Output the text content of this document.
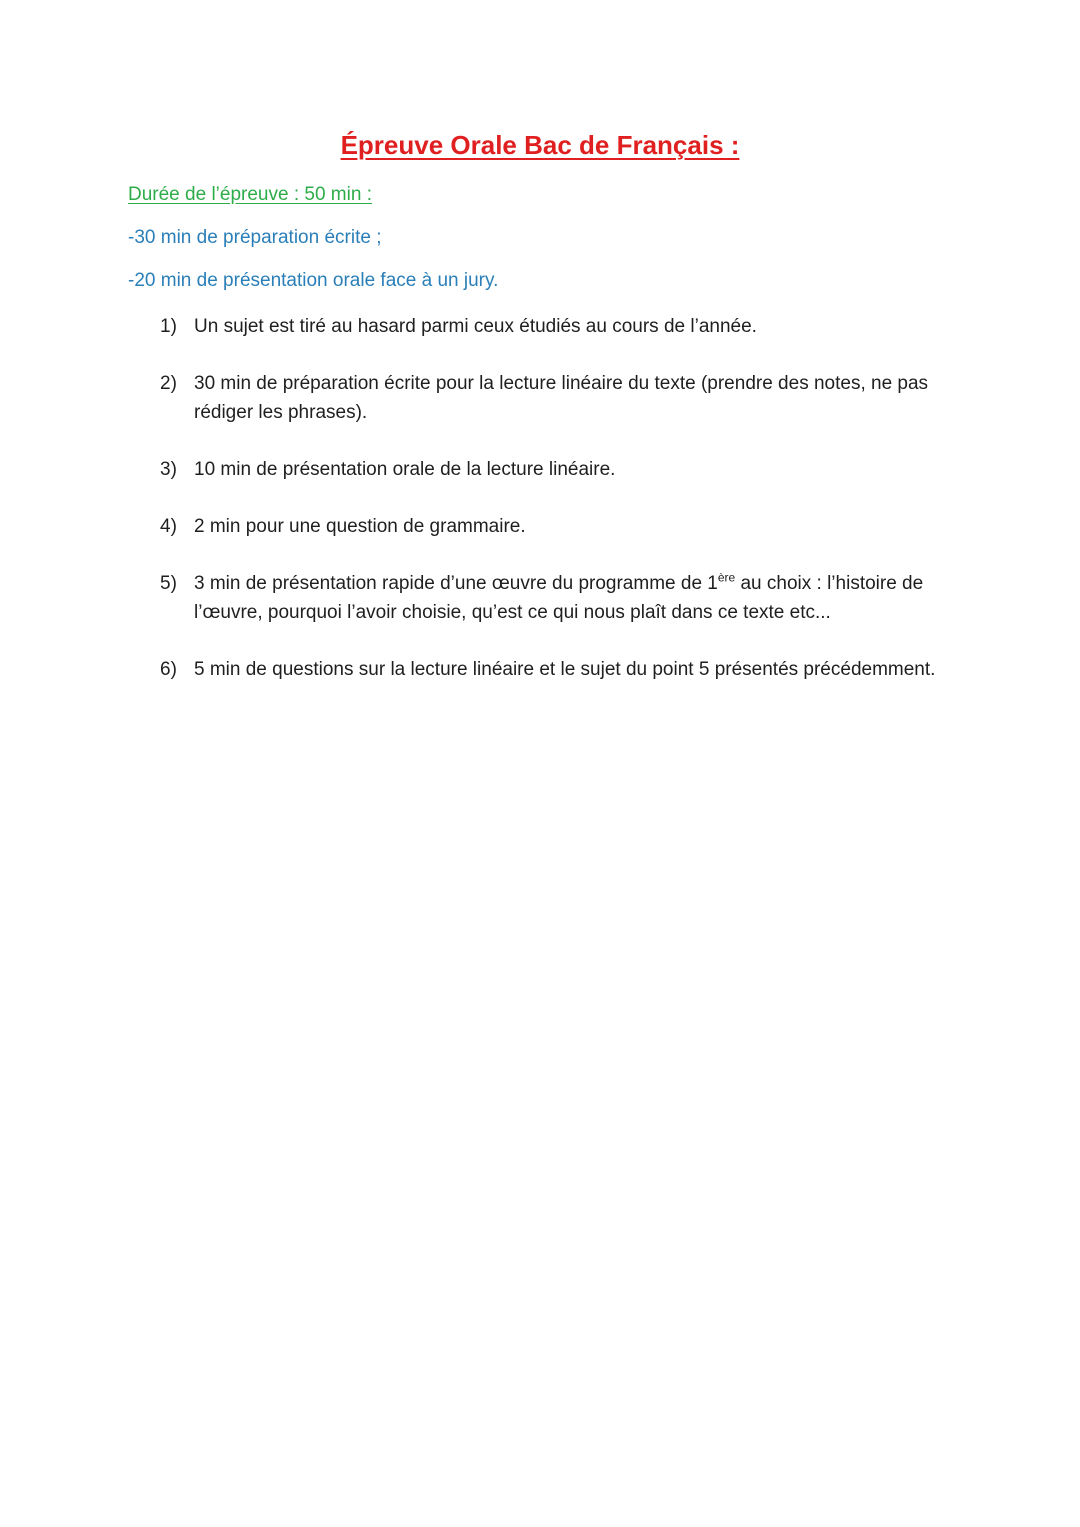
Épreuve Orale Bac de Français :
Durée de l’épreuve : 50 min :
-30 min de préparation écrite ;
-20 min de présentation orale face à un jury.
1) Un sujet est tiré au hasard parmi ceux étudiés au cours de l’année.
2) 30 min de préparation écrite pour la lecture linéaire du texte (prendre des notes, ne pas rédiger les phrases).
3) 10 min de présentation orale de la lecture linéaire.
4) 2 min pour une question de grammaire.
5) 3 min de présentation rapide d’une œuvre du programme de 1ère au choix : l’histoire de l’œuvre, pourquoi l’avoir choisie, qu’est ce qui nous plaît dans ce texte etc...
6) 5 min de questions sur la lecture linéaire et le sujet du point 5 présentés précédemment.
